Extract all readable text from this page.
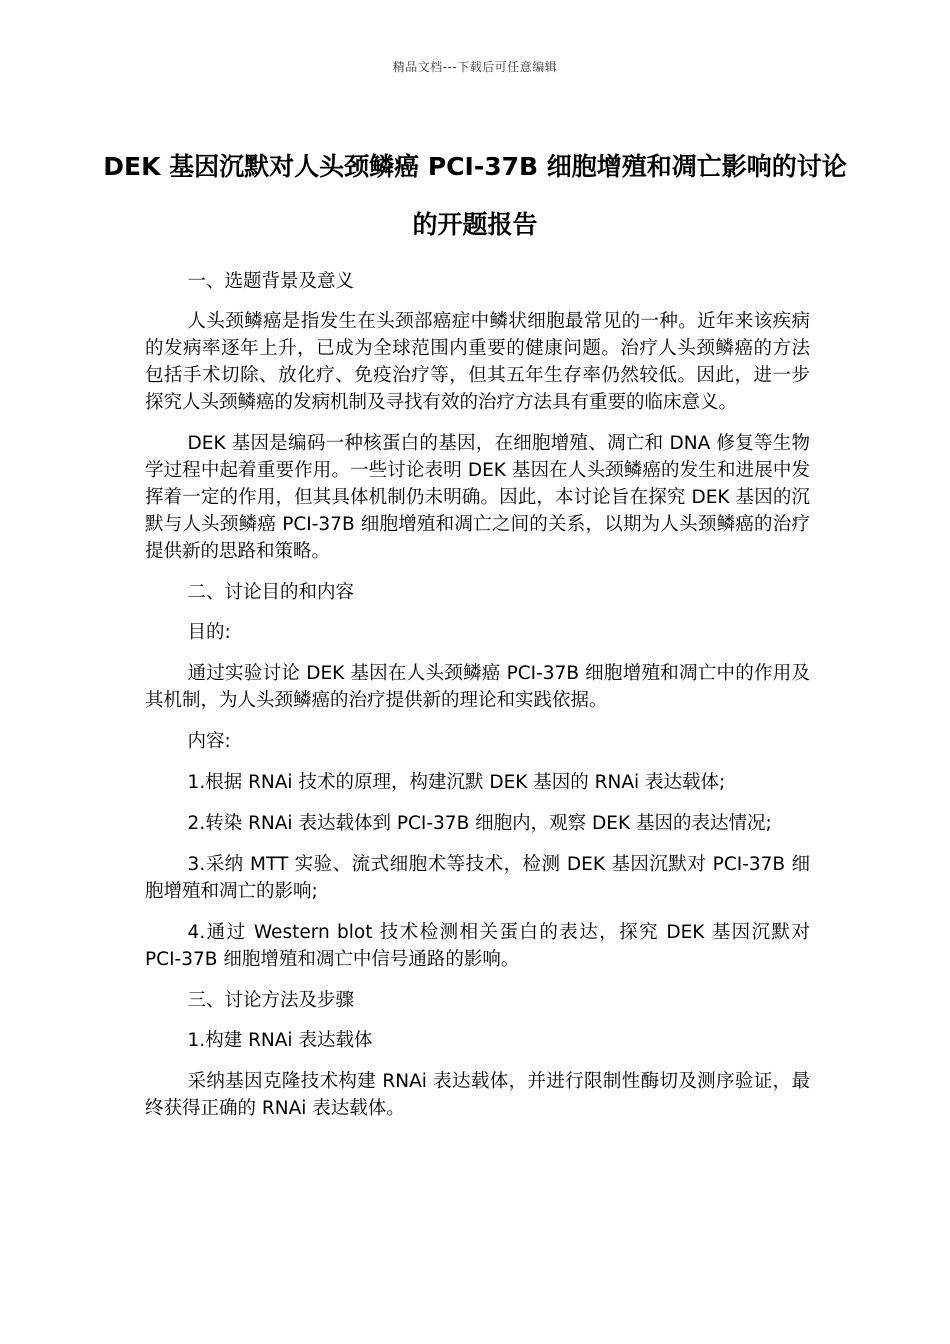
精品文档---下载后可任意编辑
DEK 基因沉默对人头颈鳞癌 PCI-37B 细胞增殖和凋亡影响的讨论的开题报告

一、选题背景及意义

人头颈鳞癌是指发生在头颈部癌症中鳞状细胞最常见的一种。近年来该疾病的发病率逐年上升，已成为全球范围内重要的健康问题。治疗人头颈鳞癌的方法包括手术切除、放化疗、免疫治疗等，但其五年生存率仍然较低。因此，进一步探究人头颈鳞癌的发病机制及寻找有效的治疗方法具有重要的临床意义。

DEK 基因是编码一种核蛋白的基因，在细胞增殖、凋亡和 DNA 修复等生物学过程中起着重要作用。一些讨论表明 DEK 基因在人头颈鳞癌的发生和进展中发挥着一定的作用，但其具体机制仍未明确。因此，本讨论旨在探究 DEK 基因的沉默与人头颈鳞癌 PCI-37B 细胞增殖和凋亡之间的关系，以期为人头颈鳞癌的治疗提供新的思路和策略。

二、讨论目的和内容

目的:

通过实验讨论 DEK 基因在人头颈鳞癌 PCI-37B 细胞增殖和凋亡中的作用及其机制，为人头颈鳞癌的治疗提供新的理论和实践依据。

内容:

1.根据 RNAi 技术的原理，构建沉默 DEK 基因的 RNAi 表达载体;

2.转染 RNAi 表达载体到 PCI-37B 细胞内，观察 DEK 基因的表达情况;

3.采纳 MTT 实验、流式细胞术等技术，检测 DEK 基因沉默对 PCI-37B 细胞增殖和凋亡的影响;

4.通过 Western blot 技术检测相关蛋白的表达，探究 DEK 基因沉默对 PCI-37B 细胞增殖和凋亡中信号通路的影响。

三、讨论方法及步骤

1.构建 RNAi 表达载体

采纳基因克隆技术构建 RNAi 表达载体，并进行限制性酶切及测序验证，最终获得正确的 RNAi 表达载体。
